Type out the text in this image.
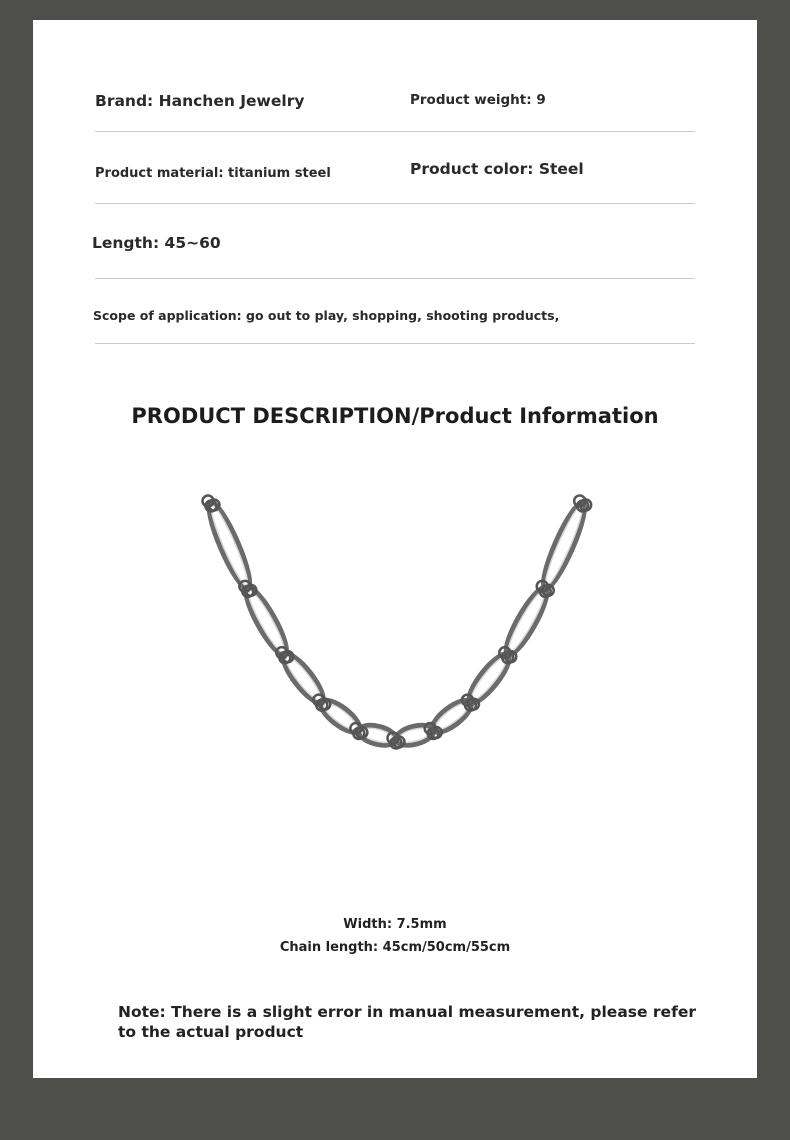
Brand: Hanchen Jewelry	Product weight: 9
Product material: titanium steel	Product color: Steel
Length: 45~60
Scope of application: go out to play, shopping, shooting products,
PRODUCT DESCRIPTION/Product Information
Width: 7.5mm
Chain length: 45cm/50cm/55cm
Note: There is a slight error in manual measurement, please refer to the actual product
